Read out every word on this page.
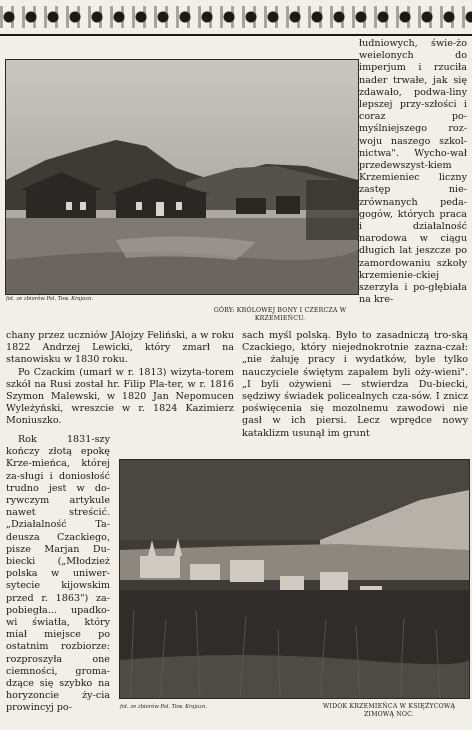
fot. ze zbiorów Pol. Tow. Krajozn.
GÓRY: KRÓLOWEJ BONY I CZERCZA W KRZEMIEŃCU.

łudniowych, świe-żo weielonych do imperjum i rzuciła nader trwałe, jak się zdawało, podwa-liny lepszej przy-szłości i coraz po-myślniejszego roz-woju naszego szkol-nictwa". Wycho-wał przedewszyst-kiem Krzemieniec liczny zastęp nie-zrównanych peda-gogów, których praca i działalność narodowa w ciągu długich lat jeszcze po zamordowaniu szkoły krzemienie-ckiej szerzyła i po-głębiała na kre-

chany przez uczniów JAlojzy Feliński, a w roku 1822 Andrzej Lewicki, który zmarł na stanowisku w 1830 roku.

Po Czackim (umarł w r. 1813) wizyta-torem szkół na Rusi został hr. Filip Pla-ter, w r. 1816 Szymon Malewski, w 1820 Jan Nepomucen Wyleżyński, wreszcie w r. 1824 Kazimierz Moniuszko.

sach myśl polską. Było to zasadniczą tro-ską Czackiego, który niejednokrotnie zazna-czał: „nie żałuję pracy i wydatków, byle tylko nauczyciele świętym zapałem byli oży-wieni". „I byli ożywieni — stwierdza Du-biecki, sędziwy świadek policealnych cza-sów. I znicz poświęcenia się mozolnemu zawodowi nie gasł w ich piersi. Lecz wprędce nowy kataklizm usunął im grunt

Rok 1831-szy kończy złotą epokę Krze-mieńca, której za-sługi i doniosłość trudno jest w do-rywczym artykule nawet streścić. „Działalność Ta-deusza Czackiego, pisze Marjan Du-biecki („Młodzież polska w uniwer-sytecie kijowskim przed r. 1863") za-pobiegła... upadko-wi światła, który miał miejsce po ostatnim rozbiorze: rozproszyła one ciemności, groma-dzące się szybko na horyzoncie ży-cia prowincyj po-	fot. ze zbiorów Pol. Tow. Krajozn.	WIDOK KRZEMIEŃCA W KSIĘŻYCOWĄ ZIMOWĄ NOC.
